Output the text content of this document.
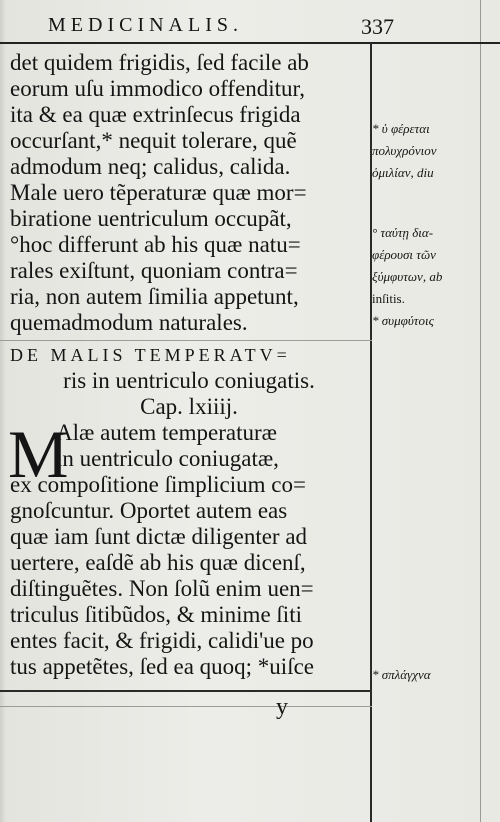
MEDICINALIS.	337
det quidem frigidis, ſed facile ab
eorum uſu immodico offenditur,
ita & ea quæ extrinſecus frigida
occurſant,* nequit tolerare, quẽ
admodum neq; calidus, calida.
Male uero tẽperaturæ quæ mor=
biratione uentriculum occupãt,
°hoc differunt ab his quæ natu=
rales exiſtunt, quoniam contra=
ria, non autem ſimilia appetunt,
quemadmodum naturales.
DE MALIS TEMPERATV=
ris in uentriculo coniugatis.
Cap. lxiiij.
Alæ autem temperaturæ
in uentriculo coniugatæ,
ex compoſitione ſimplicium co=
gnoſcuntur. Oportet autem eas
quæ iam ſunt dictæ diligenter ad
uertere, eaſdẽ ab his quæ dicenſ,
diſtinguẽtes. Non ſolũ enim uen=
triculus ſitibũdos, & minime ſiti
entes facit, & frigidi, calidi'ue po
tus appetẽtes, ſed ea quoq; *uiſce
M
y
* ὑ φέρεται
πολυχρόνιον
ὁμιλίαν, diu
° ταύτῃ δια-
φέρουσι τῶν
ξύμφυτων, ab
inſitis.
* συμφύτοις
* σπλάγχνα
